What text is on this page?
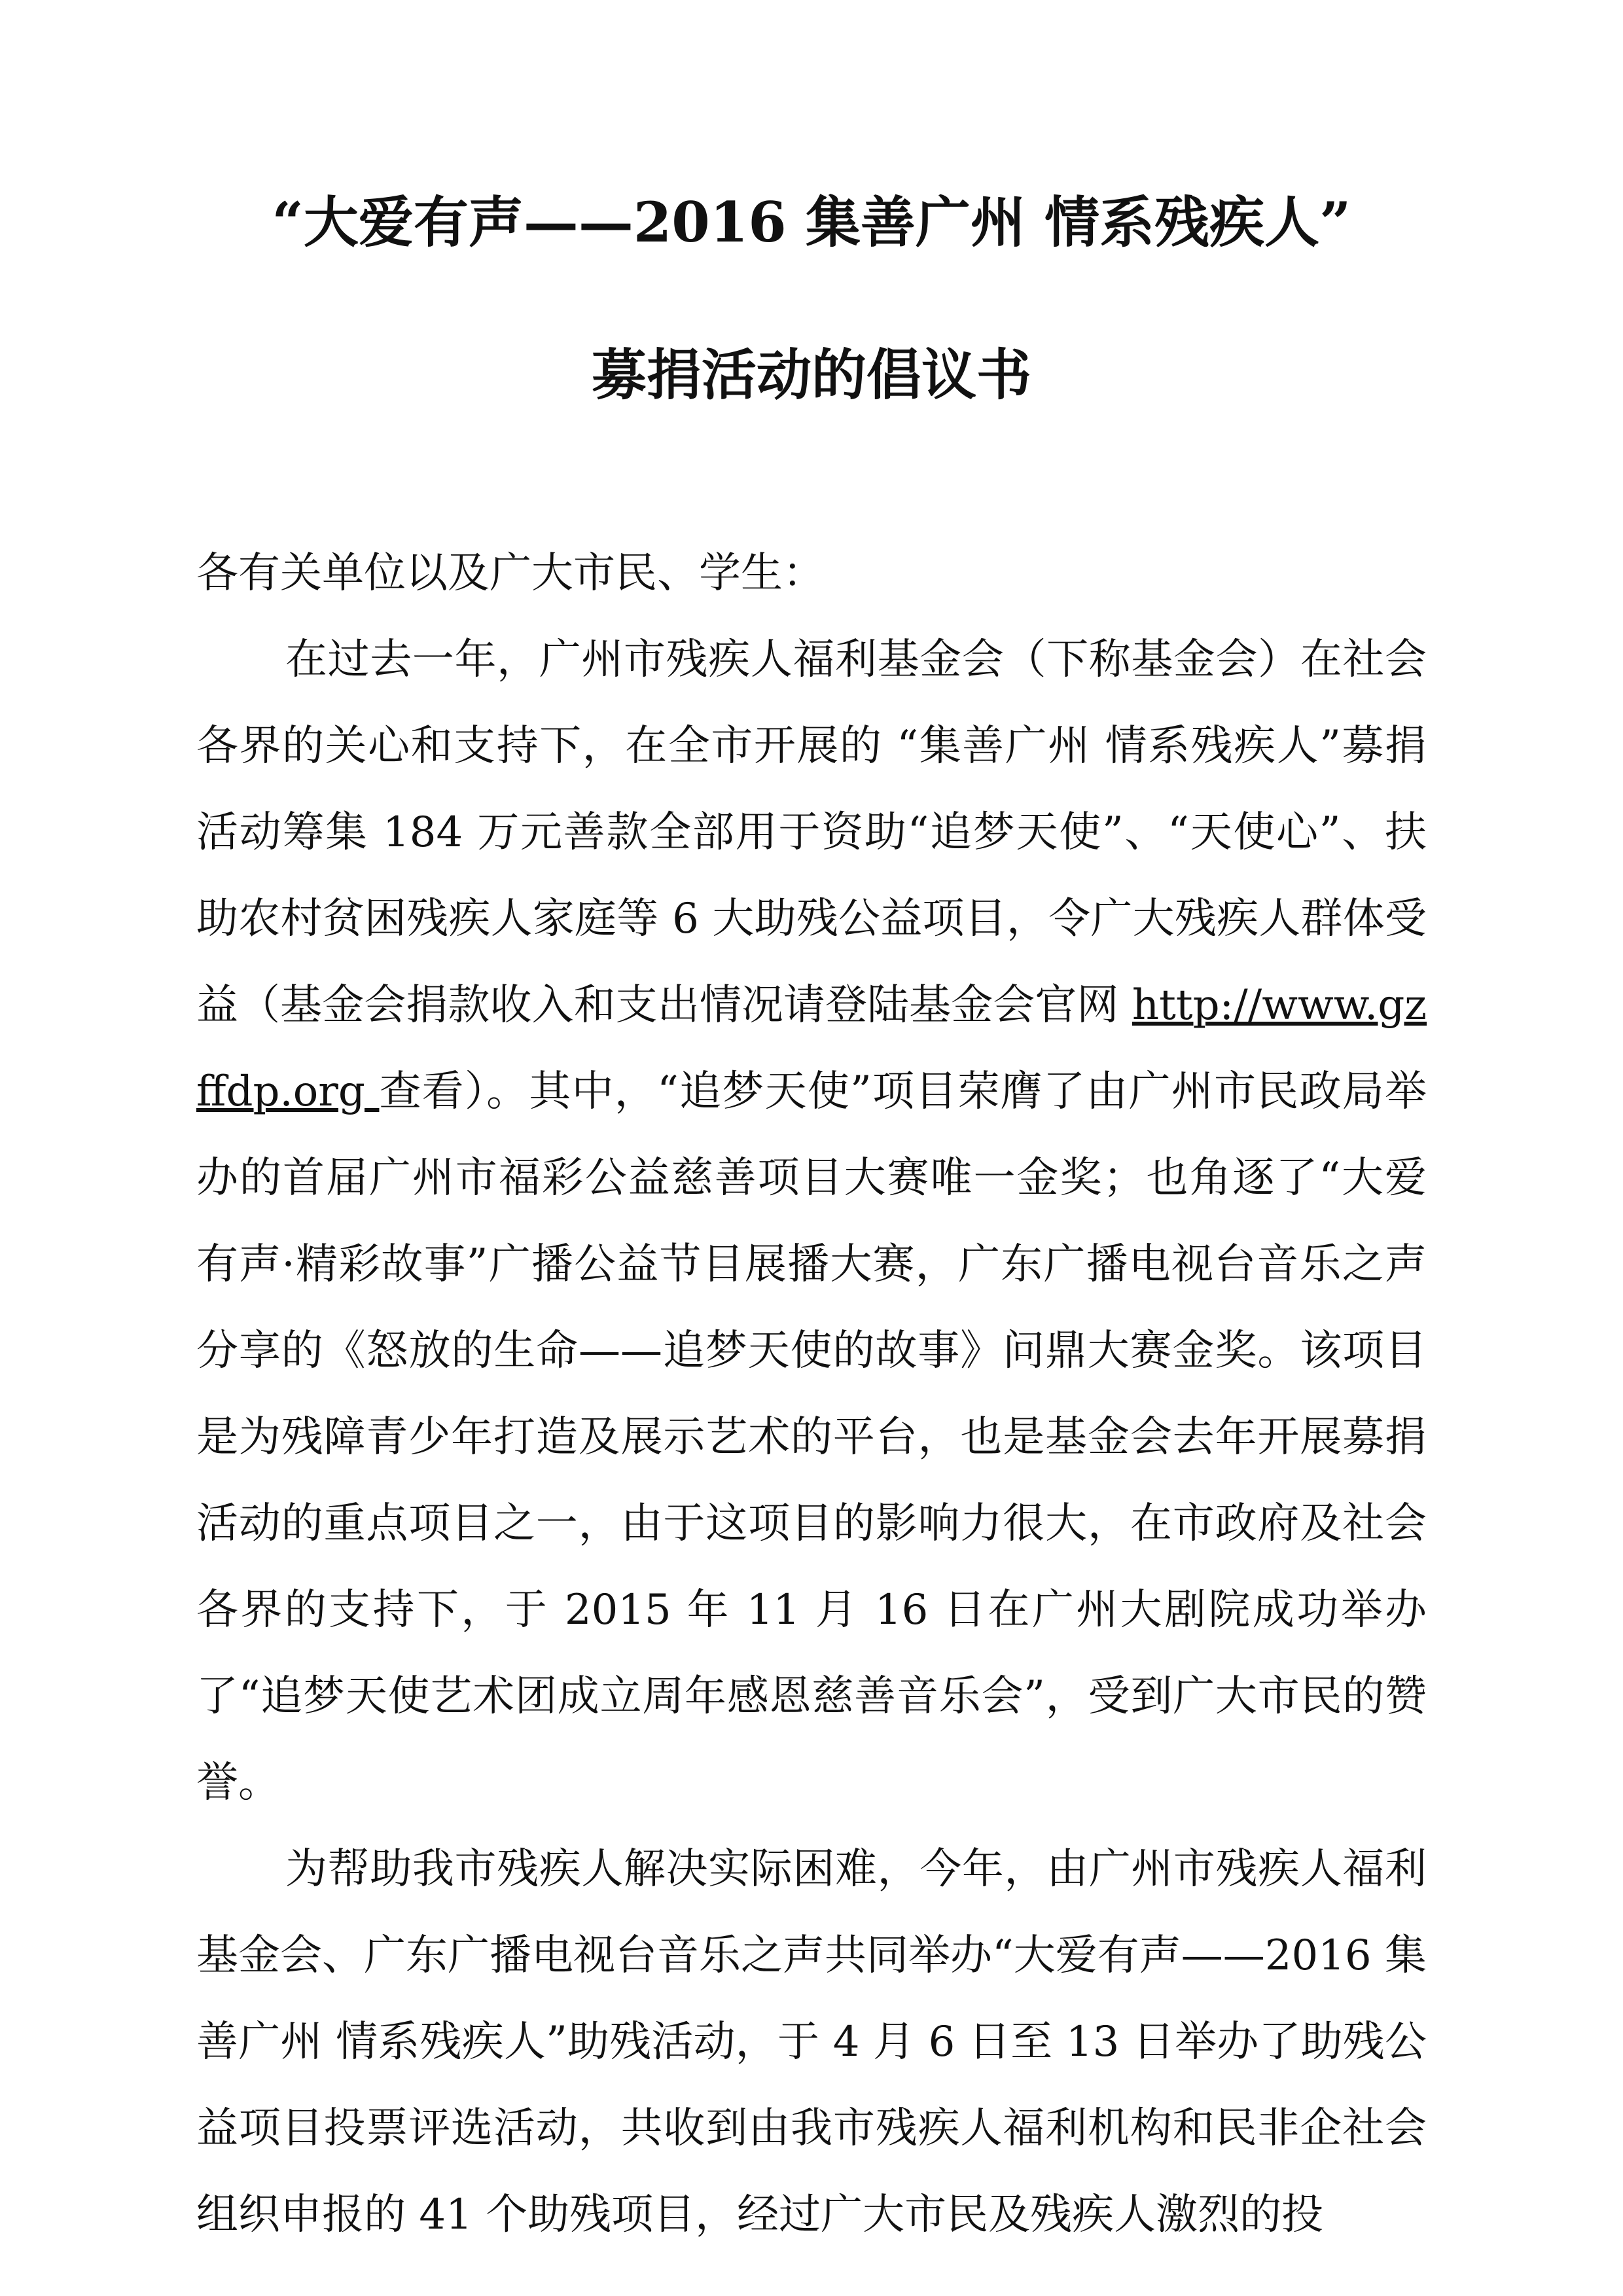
“大爱有声——2016 集善广州 情系残疾人”

募捐活动的倡议书

各有关单位以及广大市民、学生：

在过去一年，广州市残疾人福利基金会（下称基金会）在社会各界的关心和支持下，在全市开展的 “集善广州 情系残疾人”募捐活动筹集 184 万元善款全部用于资助“追梦天使”、“天使心”、扶助农村贫困残疾人家庭等 6 大助残公益项目，令广大残疾人群体受益（基金会捐款收入和支出情况请登陆基金会官网 http://www.gzffdp.org 查看）。其中，“追梦天使”项目荣膺了由广州市民政局举办的首届广州市福彩公益慈善项目大赛唯一金奖；也角逐了“大爱有声·精彩故事”广播公益节目展播大赛，广东广播电视台音乐之声分享的《怒放的生命——追梦天使的故事》问鼎大赛金奖。该项目是为残障青少年打造及展示艺术的平台，也是基金会去年开展募捐活动的重点项目之一，由于这项目的影响力很大，在市政府及社会各界的支持下，于 2015 年 11 月 16 日在广州大剧院成功举办了“追梦天使艺术团成立周年感恩慈善音乐会”，受到广大市民的赞誉。

为帮助我市残疾人解决实际困难，今年，由广州市残疾人福利基金会、广东广播电视台音乐之声共同举办“大爱有声——2016 集善广州 情系残疾人”助残活动，于 4 月 6 日至 13 日举办了助残公益项目投票评选活动，共收到由我市残疾人福利机构和民非企社会组织申报的 41 个助残项目，经过广大市民及残疾人激烈的投
